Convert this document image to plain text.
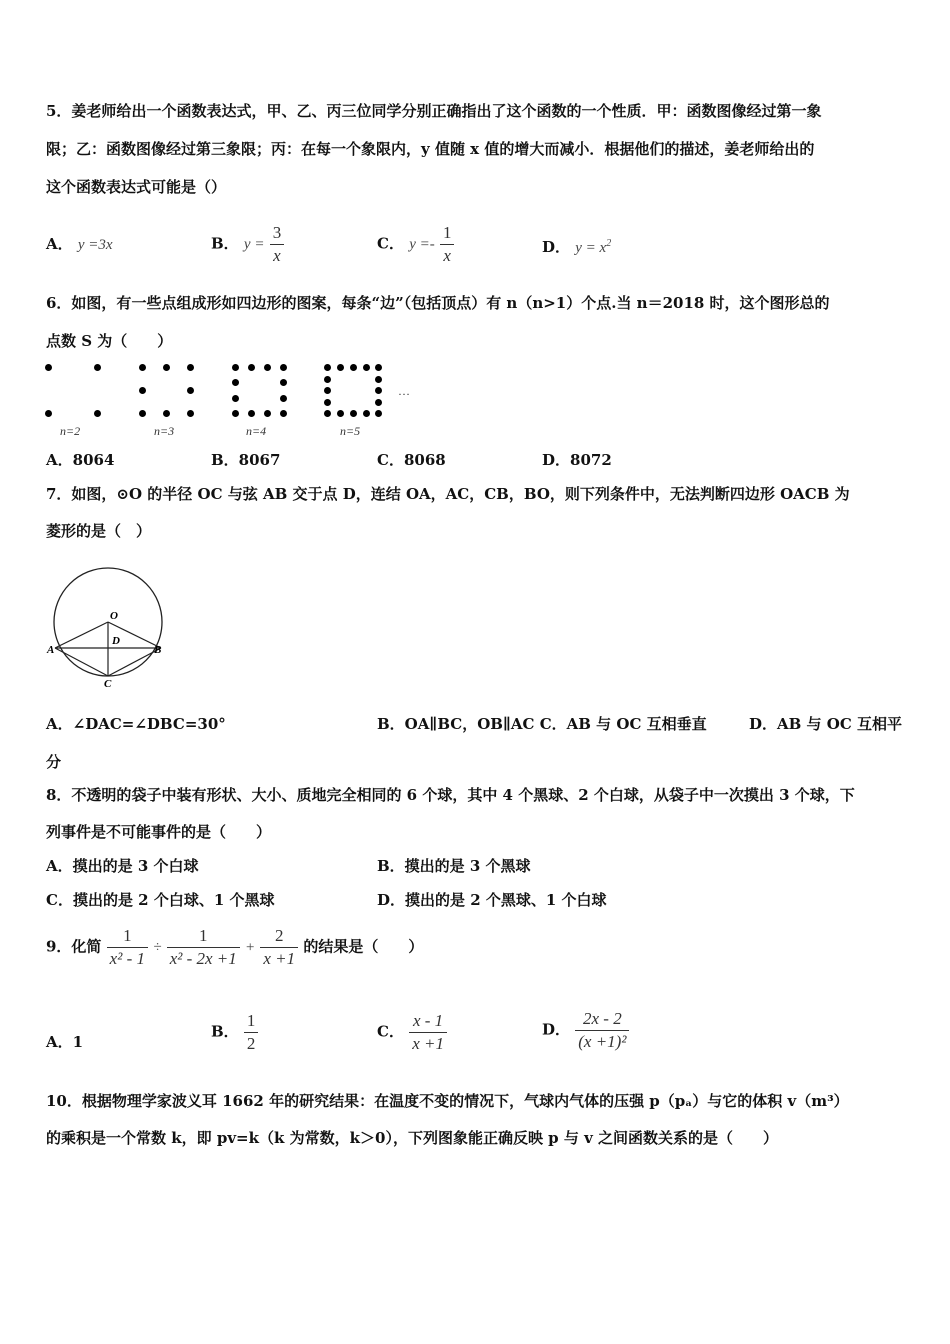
5．姜老师给出一个函数表达式，甲、乙、丙三位同学分别正确指出了这个函数的一个性质．甲：函数图像经过第一象
限；乙：函数图像经过第三象限；丙：在每一个象限内，y 值随 x 值的增大而减小．根据他们的描述，姜老师给出的
这个函数表达式可能是（）
A． y =3x	B． $y = \frac{3}{x}$	C． $y =- \frac{1}{x}$	D． $y = x^2$
6．如图，有一些点组成形如四边形的图案，每条“边”（包括顶点）有 n（n>1）个点.当 n＝2018 时，这个图形总的
点数 S 为（　　）
…
n=2	n=3	n=4	n=5
A．8064	B．8067	C．8068	D．8072
7．如图，⊙O 的半径 OC 与弦 AB 交于点 D，连结 OA，AC，CB，BO，则下列条件中，无法判断四边形 OACB 为
菱形的是（　）
O
D
A	B
C
A．∠DAC=∠DBC=30°	B．OA∥BC，OB∥AC C．AB 与 OC 互相垂直	D．AB 与 OC 互相平
分
8．不透明的袋子中装有形状、大小、质地完全相同的 6 个球，其中 4 个黑球、2 个白球，从袋子中一次摸出 3 个球，下
列事件是不可能事件的是（　　）
A．摸出的是 3 个白球	B．摸出的是 3 个黑球
C．摸出的是 2 个白球、1 个黑球	D．摸出的是 2 个黑球、1 个白球
9．化简 $\frac{1}{\text{x² - 1}} \div \frac{1}{\text{x² - 2x +1}} + \frac{2}{x +1}$ 的结果是（　　）
A．1
B． $\frac{1}{2}$	C． $\frac{x - 1}{x +1}$	D． $\frac{2x - 2}{\text{(x +1)²}}$
10．根据物理学家波义耳 1662 年的研究结果：在温度不变的情况下，气球内气体的压强 p（pₐ）与它的体积 v（m³）
的乘积是一个常数 k，即 pv=k（k 为常数，k＞0），下列图象能正确反映 p 与 v 之间函数关系的是（　　）
